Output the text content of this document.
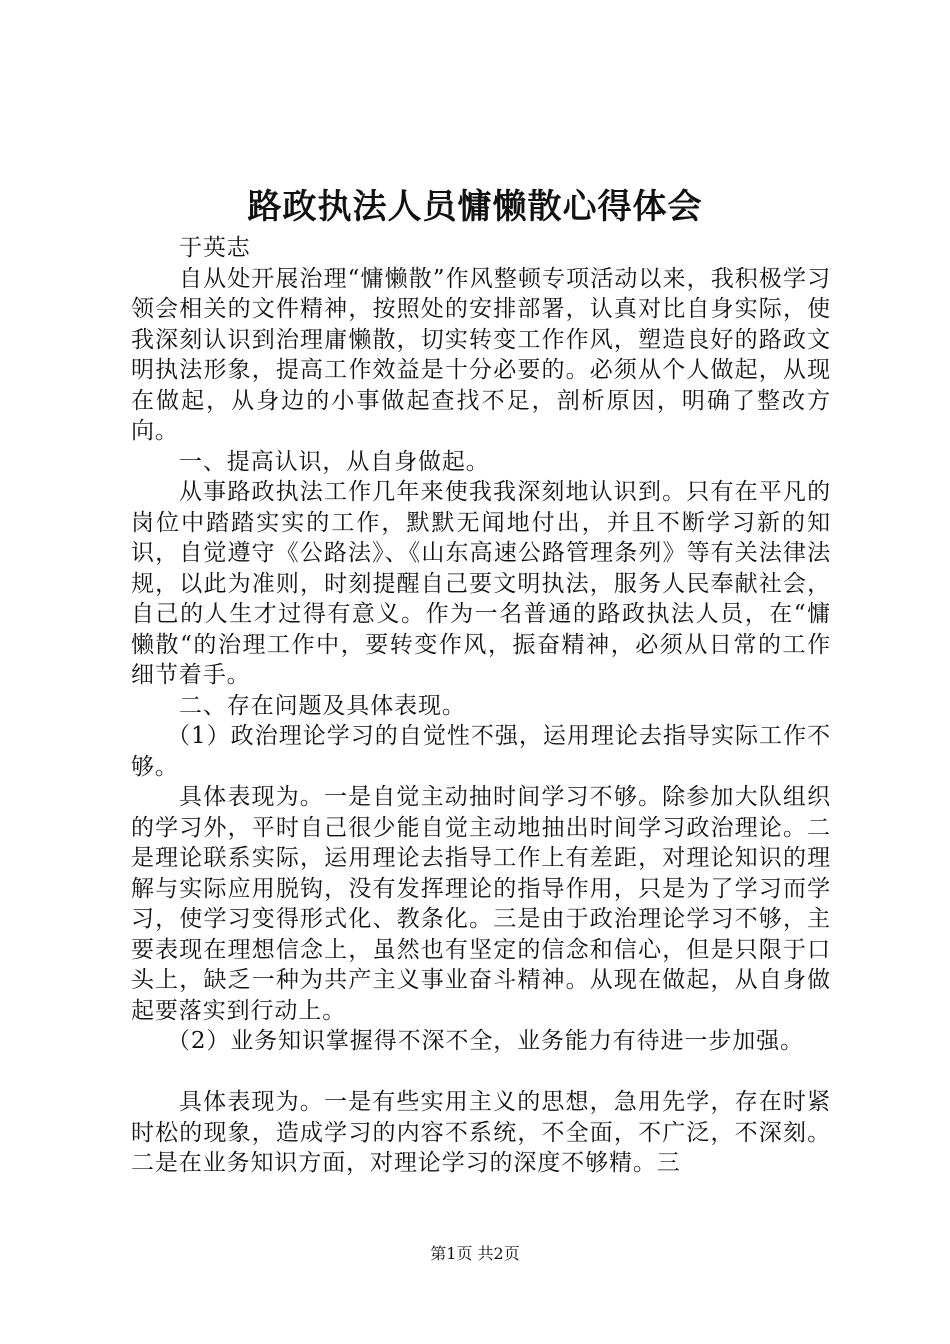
路政执法人员慵懒散心得体会

于英志

自从处开展治理“慵懒散”作风整顿专项活动以来，我积极学习领会相关的文件精神，按照处的安排部署，认真对比自身实际，使我深刻认识到治理庸懒散，切实转变工作作风，塑造良好的路政文明执法形象，提高工作效益是十分必要的。必须从个人做起，从现在做起，从身边的小事做起查找不足，剖析原因，明确了整改方向。

一、提高认识，从自身做起。

从事路政执法工作几年来使我我深刻地认识到。只有在平凡的岗位中踏踏实实的工作，默默无闻地付出，并且不断学习新的知识，自觉遵守《公路法》、《山东高速公路管理条列》等有关法律法规，以此为准则，时刻提醒自己要文明执法，服务人民奉献社会，自己的人生才过得有意义。作为一名普通的路政执法人员，在“慵懒散“的治理工作中，要转变作风，振奋精神，必须从日常的工作细节着手。

二、存在问题及具体表现。

（1）政治理论学习的自觉性不强，运用理论去指导实际工作不够。

具体表现为。一是自觉主动抽时间学习不够。除参加大队组织的学习外，平时自己很少能自觉主动地抽出时间学习政治理论。二是理论联系实际，运用理论去指导工作上有差距，对理论知识的理解与实际应用脱钩，没有发挥理论的指导作用，只是为了学习而学习，使学习变得形式化、教条化。三是由于政治理论学习不够，主要表现在理想信念上，虽然也有坚定的信念和信心，但是只限于口头上，缺乏一种为共产主义事业奋斗精神。从现在做起，从自身做起要落实到行动上。

（2）业务知识掌握得不深不全，业务能力有待进一步加强。

具体表现为。一是有些实用主义的思想，急用先学，存在时紧时松的现象，造成学习的内容不系统，不全面，不广泛，不深刻。二是在业务知识方面，对理论学习的深度不够精。三

第1页 共2页
